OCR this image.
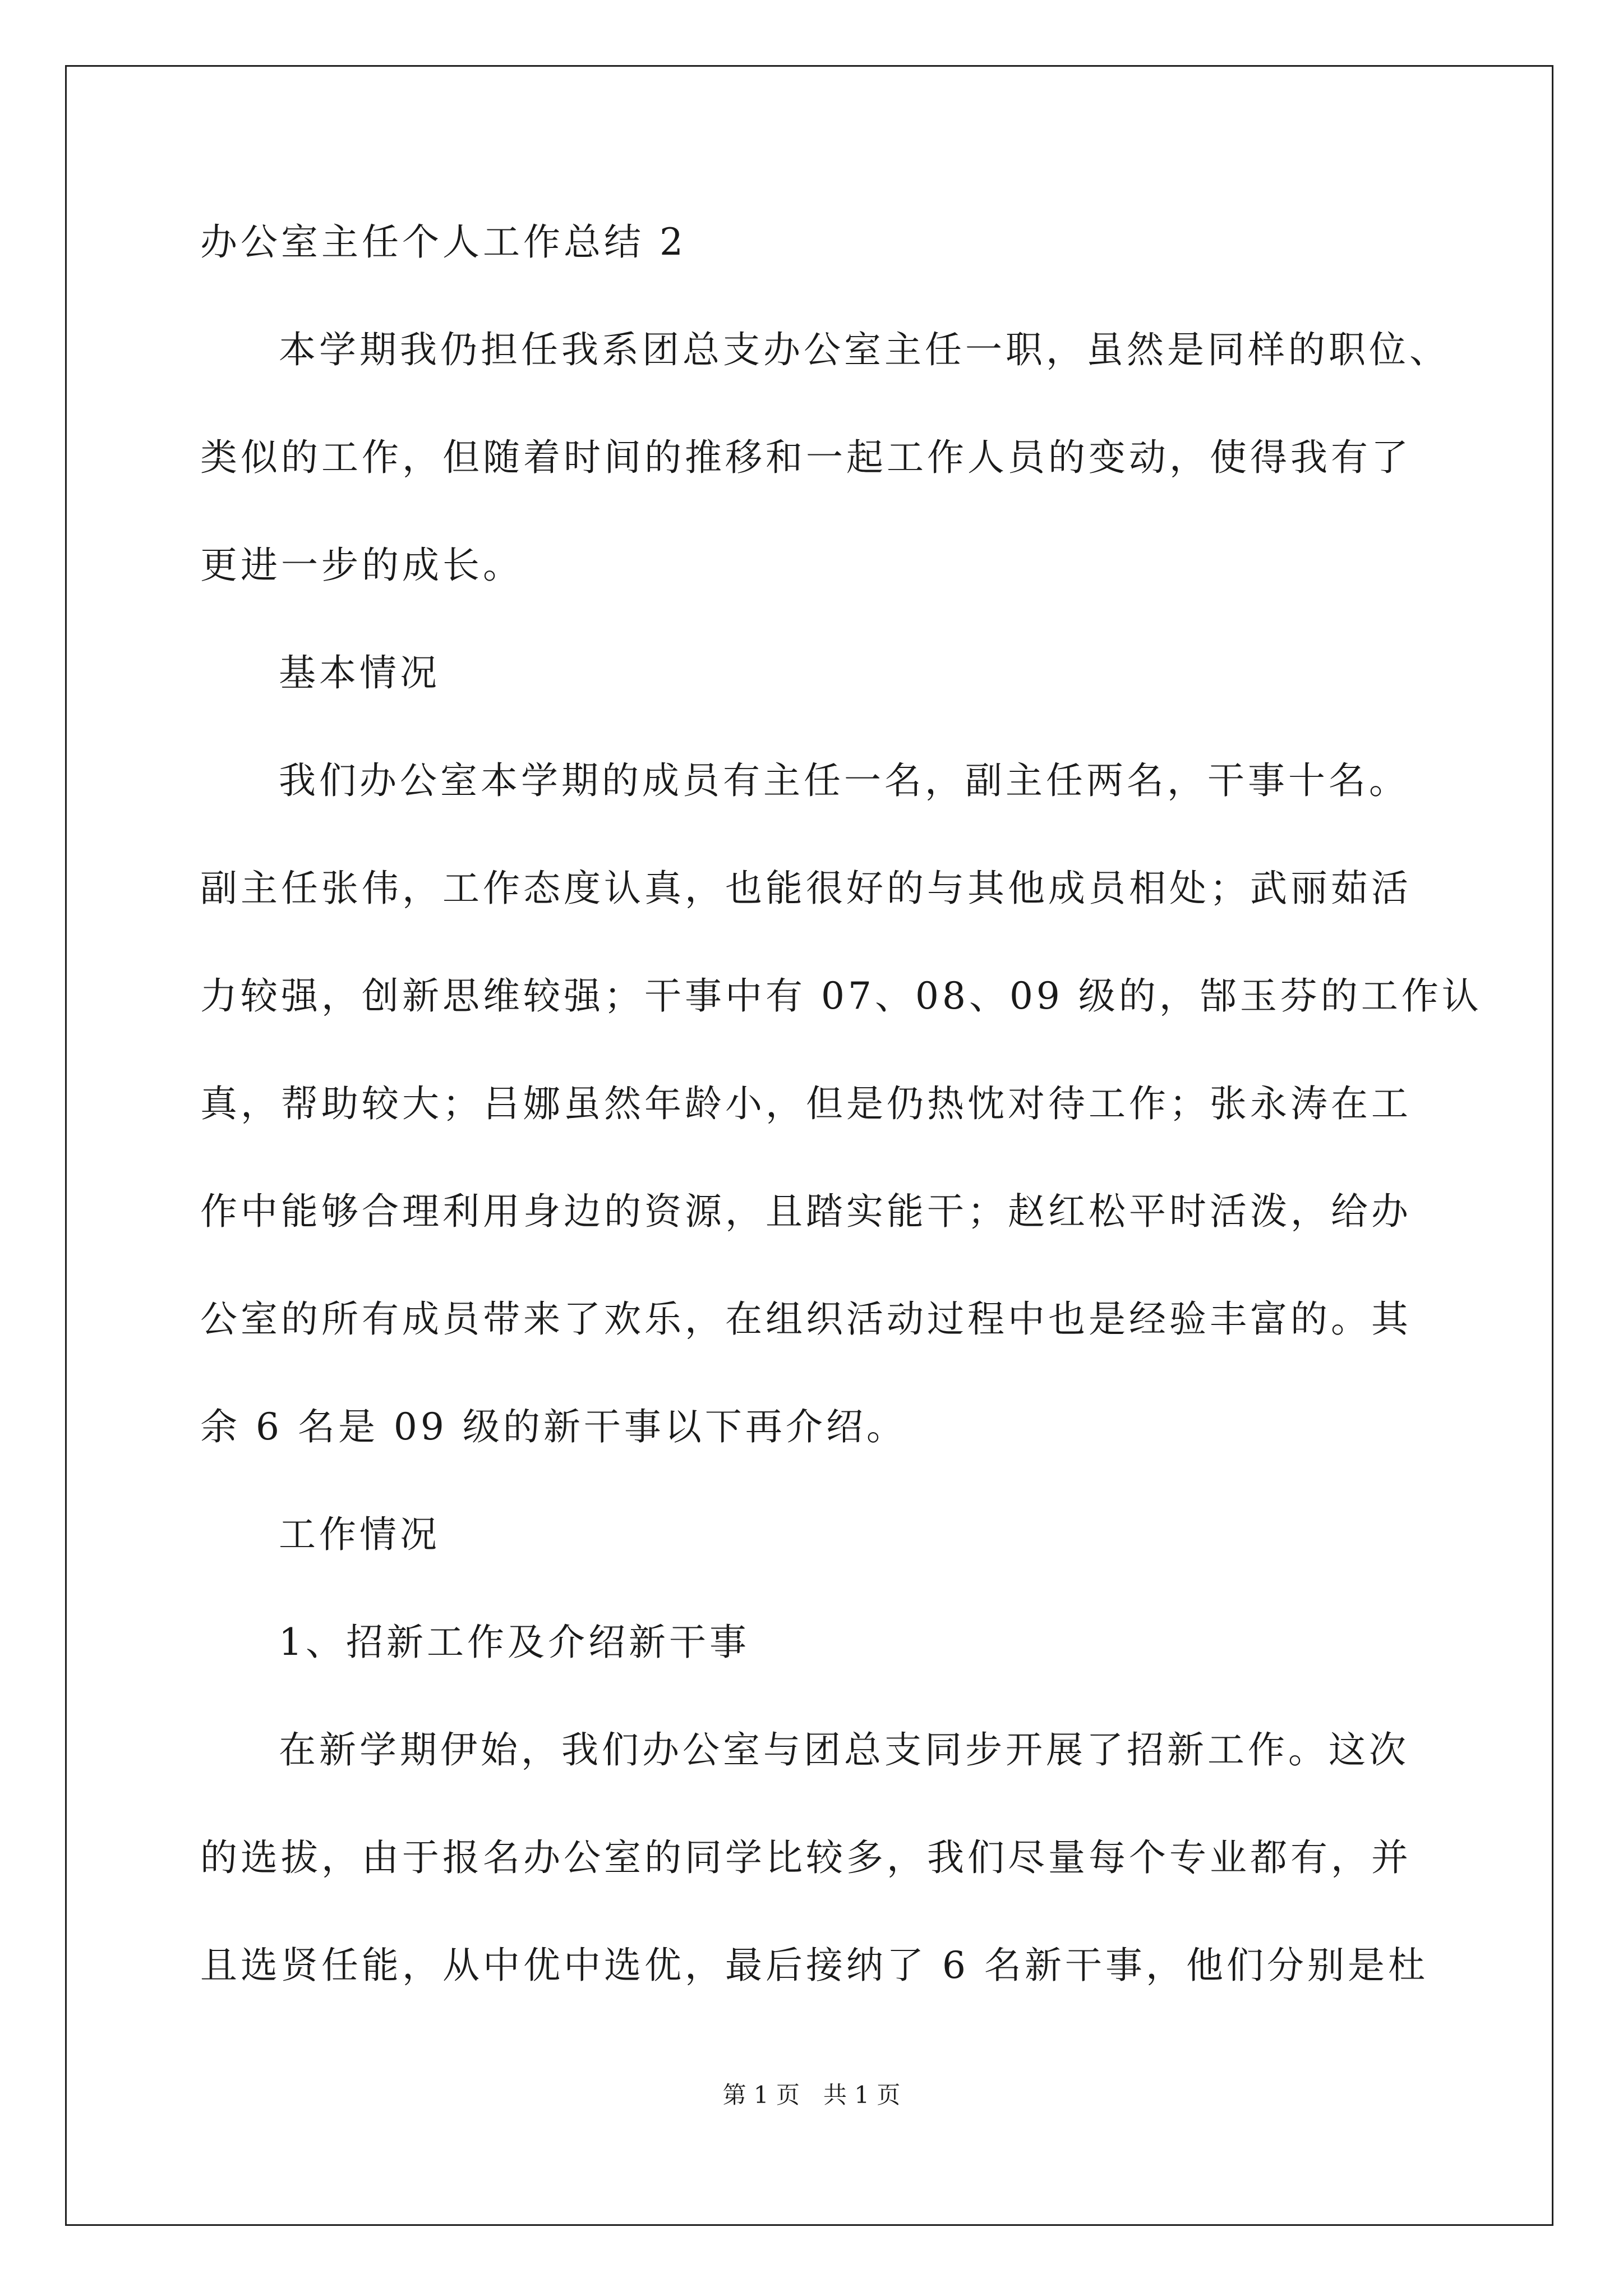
办公室主任个人工作总结 2
本学期我仍担任我系团总支办公室主任一职，虽然是同样的职位、
类似的工作，但随着时间的推移和一起工作人员的变动，使得我有了
更进一步的成长。
基本情况
我们办公室本学期的成员有主任一名，副主任两名，干事十名。
副主任张伟，工作态度认真，也能很好的与其他成员相处；武丽茹活
力较强，创新思维较强；干事中有 07、08、09 级的，郜玉芬的工作认
真，帮助较大；吕娜虽然年龄小，但是仍热忱对待工作；张永涛在工
作中能够合理利用身边的资源，且踏实能干；赵红松平时活泼，给办
公室的所有成员带来了欢乐，在组织活动过程中也是经验丰富的。其
余 6 名是 09 级的新干事以下再介绍。
工作情况
1、招新工作及介绍新干事
在新学期伊始，我们办公室与团总支同步开展了招新工作。这次
的选拔，由于报名办公室的同学比较多，我们尽量每个专业都有，并
且选贤任能，从中优中选优，最后接纳了 6 名新干事，他们分别是杜
第 1 页　共 1 页
